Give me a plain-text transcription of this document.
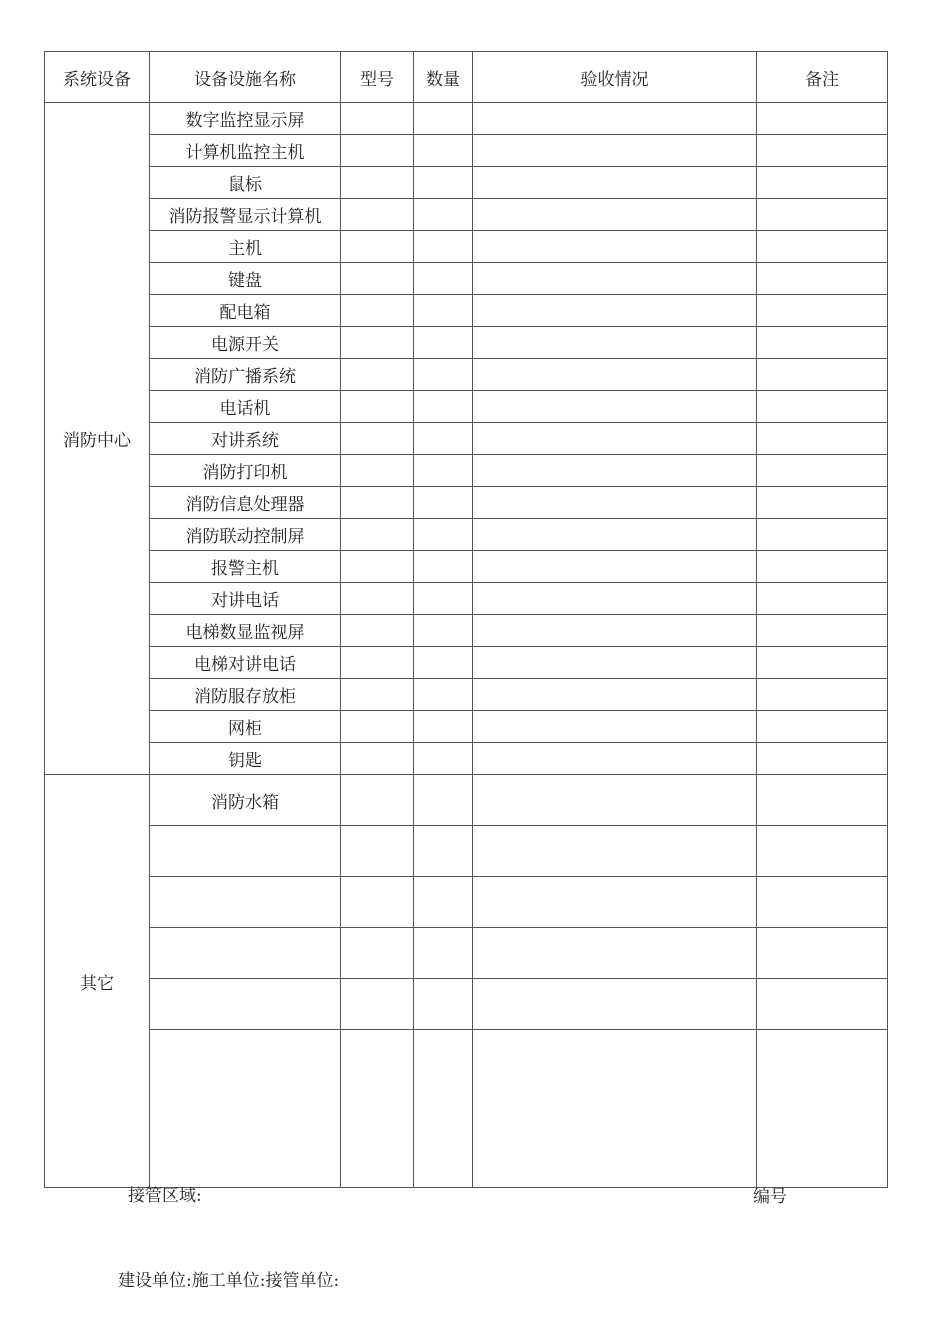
系统设备	设备设施名称	型号	数量	验收情况	备注
消防中心	数字监控显示屏				
	计算机监控主机				
	鼠标				
	消防报警显示计算机				
	主机				
	键盘				
	配电箱				
	电源开关				
	消防广播系统				
	电话机				
	对讲系统				
	消防打印机				
	消防信息处理器				
	消防联动控制屏				
	报警主机				
	对讲电话				
	电梯数显监视屏				
	电梯对讲电话				
	消防服存放柜				
	网柜				
	钥匙				
其它	消防水箱				

接管区域:	编号
建设单位:施工单位:接管单位:
